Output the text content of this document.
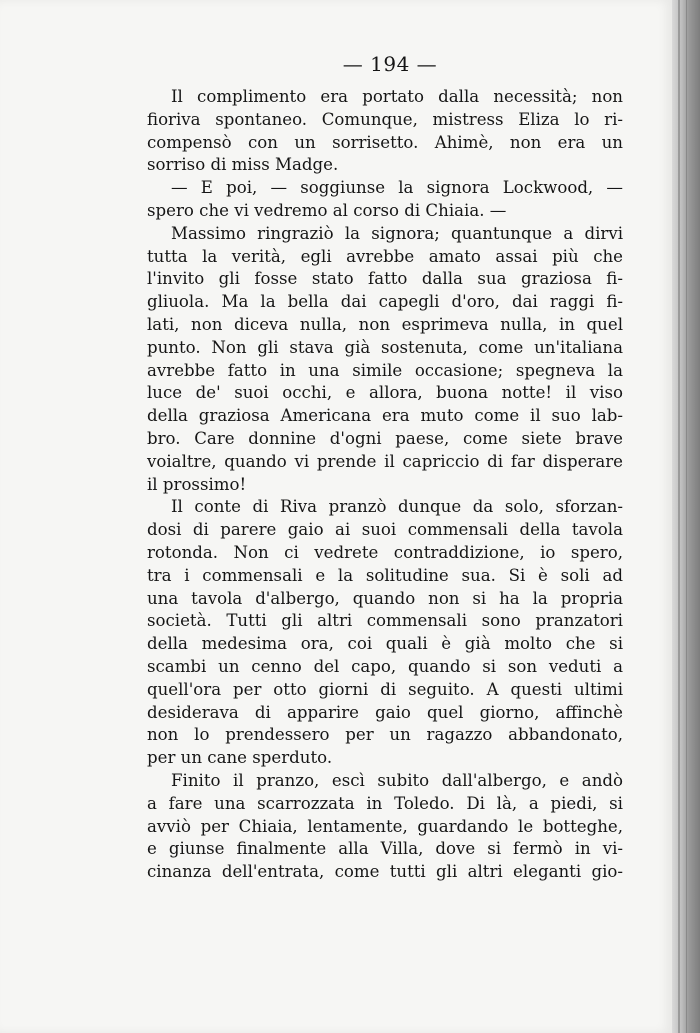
— 194 —
Il complimento era portato dalla necessità; non
fioriva spontaneo. Comunque, mistress Eliza lo ri-
compensò con un sorrisetto. Ahimè, non era un
sorriso di miss Madge.
— E poi, — soggiunse la signora Lockwood, —
spero che vi vedremo al corso di Chiaia. —
Massimo ringraziò la signora; quantunque a dirvi
tutta la verità, egli avrebbe amato assai più che
l'invito gli fosse stato fatto dalla sua graziosa fi-
gliuola. Ma la bella dai capegli d'oro, dai raggi fi-
lati, non diceva nulla, non esprimeva nulla, in quel
punto. Non gli stava già sostenuta, come un'italiana
avrebbe fatto in una simile occasione; spegneva la
luce de' suoi occhi, e allora, buona notte! il viso
della graziosa Americana era muto come il suo lab-
bro. Care donnine d'ogni paese, come siete brave
voialtre, quando vi prende il capriccio di far disperare
il prossimo!
Il conte di Riva pranzò dunque da solo, sforzan-
dosi di parere gaio ai suoi commensali della tavola
rotonda. Non ci vedrete contraddizione, io spero,
tra i commensali e la solitudine sua. Si è soli ad
una tavola d'albergo, quando non si ha la propria
società. Tutti gli altri commensali sono pranzatori
della medesima ora, coi quali è già molto che si
scambi un cenno del capo, quando si son veduti a
quell'ora per otto giorni di seguito. A questi ultimi
desiderava di apparire gaio quel giorno, affinchè
non lo prendessero per un ragazzo abbandonato,
per un cane sperduto.
Finito il pranzo, escì subito dall'albergo, e andò
a fare una scarrozzata in Toledo. Di là, a piedi, si
avviò per Chiaia, lentamente, guardando le botteghe,
e giunse finalmente alla Villa, dove si fermò in vi-
cinanza dell'entrata, come tutti gli altri eleganti gio-
